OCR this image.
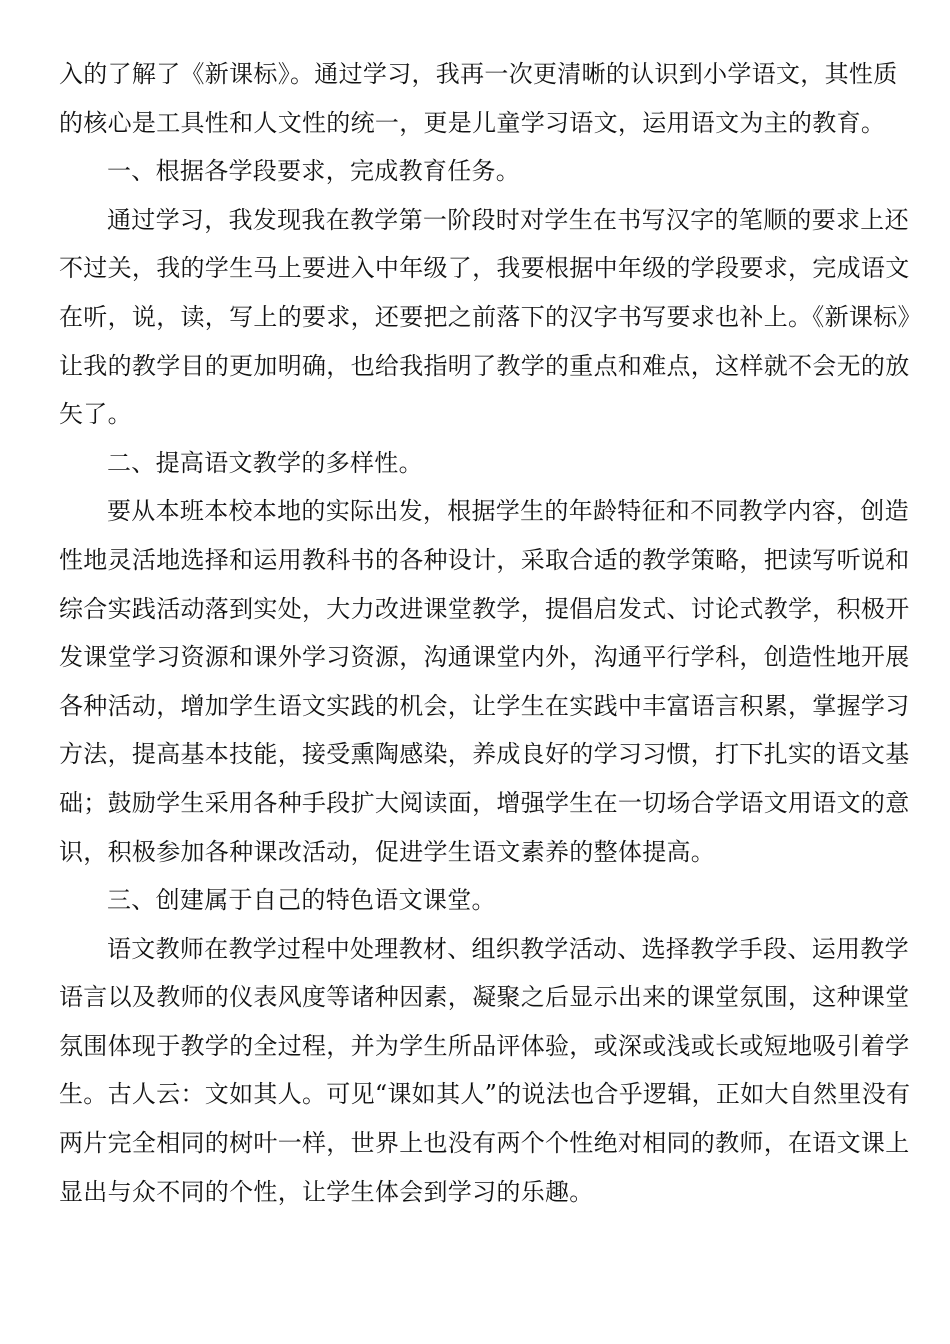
入的了解了《新课标》。通过学习，我再一次更清晰的认识到小学语文，其性质
的核心是工具性和人文性的统一，更是儿童学习语文，运用语文为主的教育。
一、根据各学段要求，完成教育任务。
通过学习，我发现我在教学第一阶段时对学生在书写汉字的笔顺的要求上还
不过关，我的学生马上要进入中年级了，我要根据中年级的学段要求，完成语文
在听，说，读，写上的要求，还要把之前落下的汉字书写要求也补上。《新课标》
让我的教学目的更加明确，也给我指明了教学的重点和难点，这样就不会无的放
矢了。
二、提高语文教学的多样性。
要从本班本校本地的实际出发，根据学生的年龄特征和不同教学内容，创造
性地灵活地选择和运用教科书的各种设计，采取合适的教学策略，把读写听说和
综合实践活动落到实处，大力改进课堂教学，提倡启发式、讨论式教学，积极开
发课堂学习资源和课外学习资源，沟通课堂内外，沟通平行学科，创造性地开展
各种活动，增加学生语文实践的机会，让学生在实践中丰富语言积累，掌握学习
方法，提高基本技能，接受熏陶感染，养成良好的学习习惯，打下扎实的语文基
础；鼓励学生采用各种手段扩大阅读面，增强学生在一切场合学语文用语文的意
识，积极参加各种课改活动，促进学生语文素养的整体提高。
三、创建属于自己的特色语文课堂。
语文教师在教学过程中处理教材、组织教学活动、选择教学手段、运用教学
语言以及教师的仪表风度等诸种因素，凝聚之后显示出来的课堂氛围，这种课堂
氛围体现于教学的全过程，并为学生所品评体验，或深或浅或长或短地吸引着学
生。古人云：文如其人。可见“课如其人”的说法也合乎逻辑，正如大自然里没有
两片完全相同的树叶一样，世界上也没有两个个性绝对相同的教师，在语文课上
显出与众不同的个性，让学生体会到学习的乐趣。
